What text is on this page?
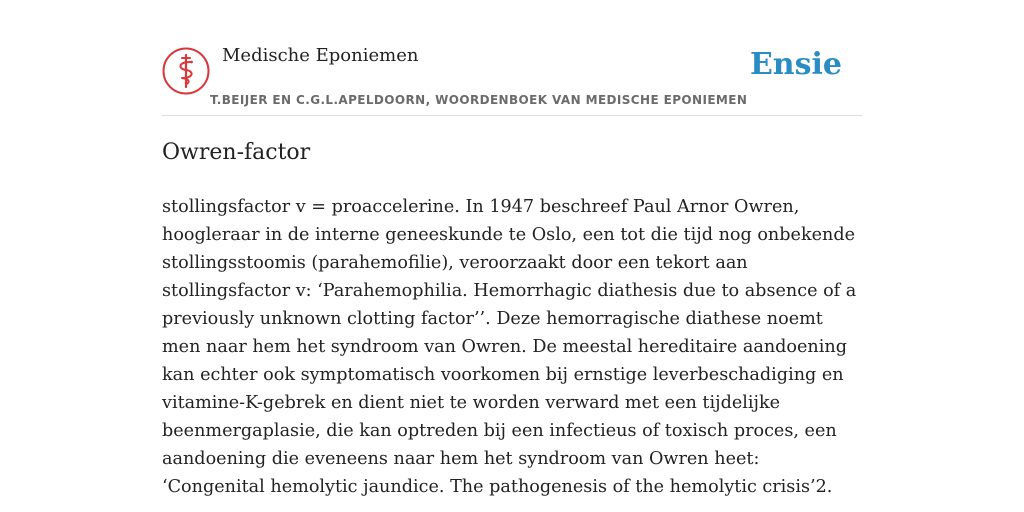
Medische Eponiemen
T.BEIJER EN C.G.L.APELDOORN, WOORDENBOEK VAN MEDISCHE EPONIEMEN
Ensie
Owren-factor

stollingsfactor v = proaccelerine. In 1947 beschreef Paul Arnor Owren, hoogleraar in de interne geneeskunde te Oslo, een tot die tijd nog onbekende stollingsstoomis (parahemofilie), veroorzaakt door een tekort aan stollingsfactor v: ‘Parahemophilia. Hemorrhagic diathesis due to absence of a previously unknown clotting factor’’. Deze hemorragische diathese noemt men naar hem het syndroom van Owren. De meestal hereditaire aandoening kan echter ook symptomatisch voorkomen bij ernstige leverbeschadiging en vitamine-K-gebrek en dient niet te worden verward met een tijdelijke beenmergaplasie, die kan optreden bij een infectieus of toxisch proces, een aandoening die eveneens naar hem het syndroom van Owren heet: ‘Congenital hemolytic jaundice. The pathogenesis of the hemolytic crisis’2.
